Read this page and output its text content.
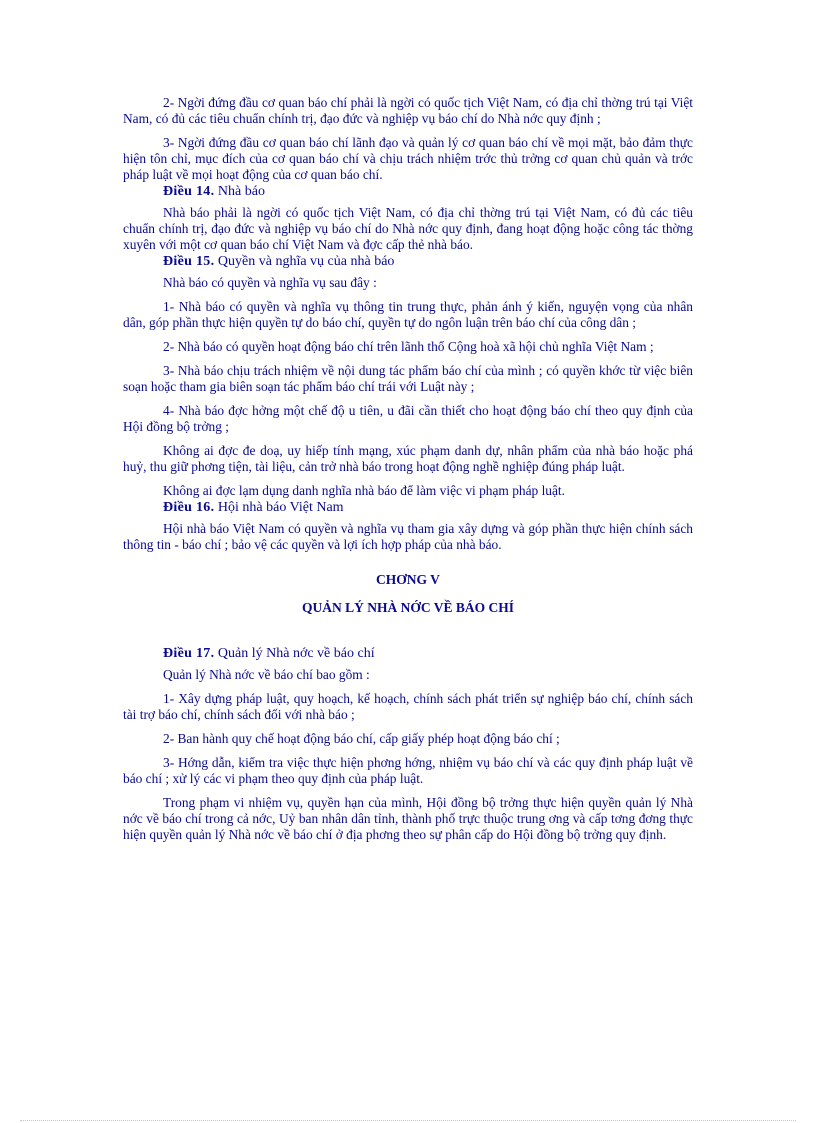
2- Ngời đứng đầu cơ quan báo chí phải là ngời có quốc tịch Việt Nam, có địa chỉ thờng trú tại Việt Nam, có đủ các tiêu chuẩn chính trị, đạo đức và nghiệp vụ báo chí do Nhà nớc quy định ;

3- Ngời đứng đầu cơ quan báo chí lãnh đạo và quản lý cơ quan báo chí về mọi mặt, bảo đảm thực hiện tôn chỉ, mục đích của cơ quan báo chí và chịu trách nhiệm trớc thủ trởng cơ quan chủ quản và trớc pháp luật về mọi hoạt động của cơ quan báo chí.

Điều 14. Nhà báo

Nhà báo phải là ngời có quốc tịch Việt Nam, có địa chỉ thờng trú tại Việt Nam, có đủ các tiêu chuẩn chính trị, đạo đức và nghiệp vụ báo chí do Nhà nớc quy định, đang hoạt động hoặc công tác thờng xuyên với một cơ quan báo chí Việt Nam và đợc cấp thẻ nhà báo.

Điều 15. Quyền và nghĩa vụ của nhà báo

Nhà báo có quyền và nghĩa vụ sau đây :

1- Nhà báo có quyền và nghĩa vụ thông tin trung thực, phản ánh ý kiến, nguyện vọng của nhân dân, góp phần thực hiện quyền tự do báo chí, quyền tự do ngôn luận trên báo chí của công dân ;

2- Nhà báo có quyền hoạt động báo chí trên lãnh thổ Cộng hoà xã hội chủ nghĩa Việt Nam ;

3- Nhà báo chịu trách nhiệm về nội dung tác phẩm báo chí của mình ; có quyền khớc từ việc biên soạn hoặc tham gia biên soạn tác phẩm báo chí trái với Luật này ;

4- Nhà báo đợc hởng một chế độ u tiên, u đãi cần thiết cho hoạt động báo chí theo quy định của Hội đồng bộ trởng ;

Không ai đợc đe doạ, uy hiếp tính mạng, xúc phạm danh dự, nhân phẩm của nhà báo hoặc phá huỷ, thu giữ phơng tiện, tài liệu, cản trở nhà báo trong hoạt động nghề nghiệp đúng pháp luật.

Không ai đợc lạm dụng danh nghĩa nhà báo để làm việc vi phạm pháp luật.

Điều 16. Hội nhà báo Việt Nam

Hội nhà báo Việt Nam có quyền và nghĩa vụ tham gia xây dựng và góp phần thực hiện chính sách thông tin - báo chí ; bảo vệ các quyền và lợi ích hợp pháp của nhà báo.

CHƠNG V

QUẢN LÝ NHÀ NỚC VỀ BÁO CHÍ

Điều 17. Quản lý Nhà nớc về báo chí

Quản lý Nhà nớc về báo chí bao gồm :

1- Xây dựng pháp luật, quy hoạch, kế hoạch, chính sách phát triển sự nghiệp báo chí, chính sách tài trợ báo chí, chính sách đối với nhà báo ;

2- Ban hành quy chế hoạt động báo chí, cấp giấy phép hoạt động báo chí ;

3- Hớng dẫn, kiểm tra việc thực hiện phơng hớng, nhiệm vụ báo chí và các quy định pháp luật về báo chí ; xử lý các vi phạm theo quy định của pháp luật.

Trong phạm vi nhiệm vụ, quyền hạn của mình, Hội đồng bộ trởng thực hiện quyền quản lý Nhà nớc về báo chí trong cả nớc, Uỷ ban nhân dân tỉnh, thành phố trực thuộc trung ơng và cấp tơng đơng thực hiện quyền quản lý Nhà nớc về báo chí ở địa phơng theo sự phân cấp do Hội đồng bộ trởng quy định.
